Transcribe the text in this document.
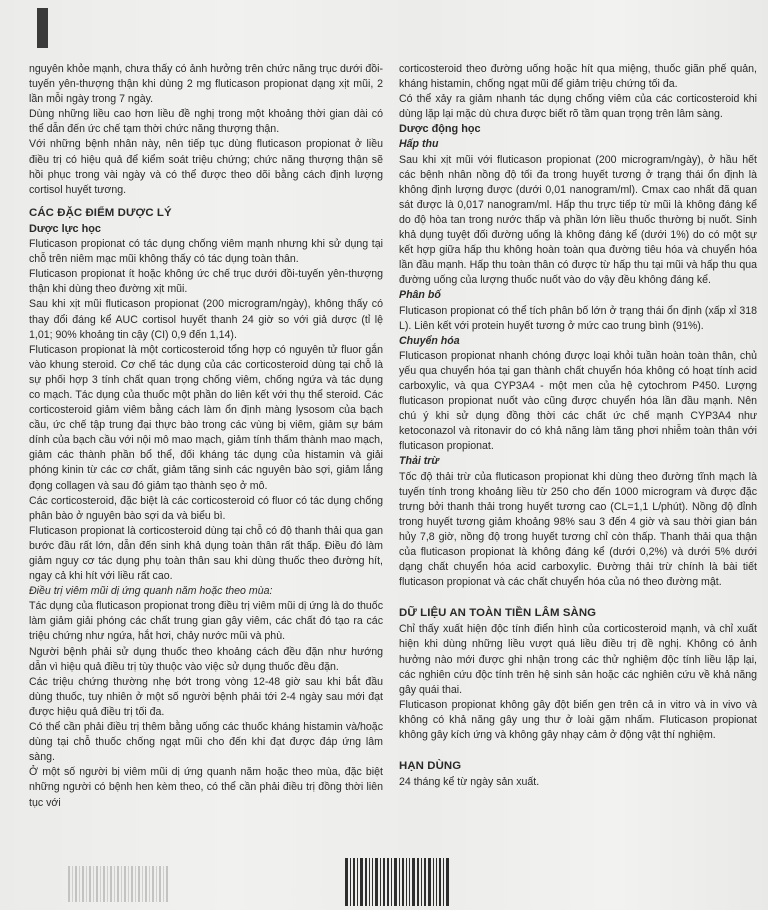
nguyên khỏe mạnh, chưa thấy có ảnh hưởng trên chức năng trục dưới đồi-tuyến yên-thượng thận khi dùng 2 mg fluticason propionat dạng xịt mũi, 2 lần mỗi ngày trong 7 ngày.

Dùng những liều cao hơn liều đề nghị trong một khoảng thời gian dài có thể dẫn đến ức chế tạm thời chức năng thượng thận.

Với những bệnh nhân này, nên tiếp tục dùng fluticason propionat ở liều điều trị có hiệu quả để kiểm soát triệu chứng; chức năng thượng thận sẽ hồi phục trong vài ngày và có thể được theo dõi bằng cách định lượng cortisol huyết tương.

CÁC ĐẶC ĐIỂM DƯỢC LÝ

Dược lực học

Fluticason propionat có tác dụng chống viêm mạnh nhưng khi sử dụng tại chỗ trên niêm mạc mũi không thấy có tác dụng toàn thân.

Fluticason propionat ít hoặc không ức chế trục dưới đồi-tuyến yên-thượng thận khi dùng theo đường xịt mũi.

Sau khi xịt mũi fluticason propionat (200 microgram/ngày), không thấy có thay đổi đáng kể AUC cortisol huyết thanh 24 giờ so với giả dược (tỉ lệ 1,01; 90% khoảng tin cậy (CI) 0,9 đến 1,14).

Fluticason propionat là một corticosteroid tổng hợp có nguyên tử fluor gắn vào khung steroid. Cơ chế tác dụng của các corticosteroid dùng tại chỗ là sự phối hợp 3 tính chất quan trọng chống viêm, chống ngứa và tác dụng co mạch. Tác dụng của thuốc một phần do liên kết với thụ thể steroid. Các corticosteroid giảm viêm bằng cách làm ổn định màng lysosom của bạch cầu, ức chế tập trung đại thực bào trong các vùng bị viêm, giảm sự bám dính của bạch cầu với nội mô mao mạch, giảm tính thấm thành mao mạch, giảm các thành phần bổ thể, đối kháng tác dụng của histamin và giải phóng kinin từ các cơ chất, giảm tăng sinh các nguyên bào sợi, giảm lắng đọng collagen và sau đó giảm tạo thành sẹo ở mô.

Các corticosteroid, đặc biệt là các corticosteroid có fluor có tác dụng chống phân bào ở nguyên bào sợi da và biểu bì.

Fluticason propionat là corticosteroid dùng tại chỗ có độ thanh thải qua gan bước đầu rất lớn, dẫn đến sinh khả dụng toàn thân rất thấp. Điều đó làm giảm nguy cơ tác dụng phụ toàn thân sau khi dùng thuốc theo đường hít, ngay cả khi hít với liều rất cao.

Điều trị viêm mũi dị ứng quanh năm hoặc theo mùa:

Tác dụng của fluticason propionat trong điều trị viêm mũi dị ứng là do thuốc làm giảm giải phóng các chất trung gian gây viêm, các chất đó tạo ra các triệu chứng như ngứa, hắt hơi, chảy nước mũi và phù.

Người bệnh phải sử dụng thuốc theo khoảng cách đều đặn như hướng dẫn vì hiệu quả điều trị tùy thuộc vào việc sử dụng thuốc đều đặn.

Các triệu chứng thường nhẹ bớt trong vòng 12-48 giờ sau khi bắt đầu dùng thuốc, tuy nhiên ở một số người bệnh phải tới 2-4 ngày sau mới đạt được hiệu quả điều trị tối đa.

Có thể cần phải điều trị thêm bằng uống các thuốc kháng histamin và/hoặc dùng tại chỗ thuốc chống ngạt mũi cho đến khi đạt được đáp ứng lâm sàng.

Ở một số người bị viêm mũi dị ứng quanh năm hoặc theo mùa, đặc biệt những người có bệnh hen kèm theo, có thể cần phải điều trị đồng thời liên tục với

corticosteroid theo đường uống hoặc hít qua miệng, thuốc giãn phế quản, kháng histamin, chống ngạt mũi để giảm triệu chứng tối đa.

Có thể xảy ra giảm nhanh tác dụng chống viêm của các corticosteroid khi dùng lặp lại mặc dù chưa được biết rõ tầm quan trọng trên lâm sàng.

Dược động học

Hấp thu

Sau khi xịt mũi với fluticason propionat (200 microgram/ngày), ở hầu hết các bệnh nhân nồng độ tối đa trong huyết tương ở trạng thái ổn định là không định lượng được (dưới 0,01 nanogram/ml). Cmax cao nhất đã quan sát được là 0,017 nanogram/ml. Hấp thu trực tiếp từ mũi là không đáng kể do độ hòa tan trong nước thấp và phần lớn liều thuốc thường bị nuốt. Sinh khả dụng tuyệt đối đường uống là không đáng kể (dưới 1%) do có một sự kết hợp giữa hấp thu không hoàn toàn qua đường tiêu hóa và chuyển hóa lần đầu mạnh. Hấp thu toàn thân có được từ hấp thu tại mũi và hấp thu qua đường uống của lượng thuốc nuốt vào do vậy đều không đáng kể.

Phân bố

Fluticason propionat có thể tích phân bố lớn ở trạng thái ổn định (xấp xỉ 318 L). Liên kết với protein huyết tương ở mức cao trung bình (91%).

Chuyển hóa

Fluticason propionat nhanh chóng được loại khỏi tuần hoàn toàn thân, chủ yếu qua chuyển hóa tại gan thành chất chuyển hóa không có hoạt tính acid carboxylic, và qua CYP3A4 - một men của hệ cytochrom P450. Lượng fluticason propionat nuốt vào cũng được chuyển hóa lần đầu mạnh. Nên chú ý khi sử dụng đồng thời các chất ức chế mạnh CYP3A4 như ketoconazol và ritonavir do có khả năng làm tăng phơi nhiễm toàn thân với fluticason propionat.

Thải trừ

Tốc độ thải trừ của fluticason propionat khi dùng theo đường tĩnh mạch là tuyến tính trong khoảng liều từ 250 cho đến 1000 microgram và được đặc trưng bởi thanh thải trong huyết tương cao (CL=1,1 L/phút). Nồng độ đỉnh trong huyết tương giảm khoảng 98% sau 3 đến 4 giờ và sau thời gian bán hủy 7,8 giờ, nồng độ trong huyết tương chỉ còn thấp. Thanh thải qua thận của fluticason propionat là không đáng kể (dưới 0,2%) và dưới 5% dưới dạng chất chuyển hóa acid carboxylic. Đường thải trừ chính là bài tiết fluticason propionat và các chất chuyển hóa của nó theo đường mật.

DỮ LIỆU AN TOÀN TIỀN LÂM SÀNG

Chỉ thấy xuất hiện độc tính điển hình của corticosteroid mạnh, và chỉ xuất hiện khi dùng những liều vượt quá liều điều trị đề nghị. Không có ảnh hưởng nào mới được ghi nhận trong các thử nghiệm độc tính liều lặp lại, các nghiên cứu độc tính trên hệ sinh sản hoặc các nghiên cứu về khả năng gây quái thai.

Fluticason propionat không gây đột biến gen trên cả in vitro và in vivo và không có khả năng gây ung thư ở loài gặm nhấm. Fluticason propionat không gây kích ứng và không gây nhạy cảm ở động vật thí nghiệm.

HẠN DÙNG

24 tháng kể từ ngày sản xuất.
